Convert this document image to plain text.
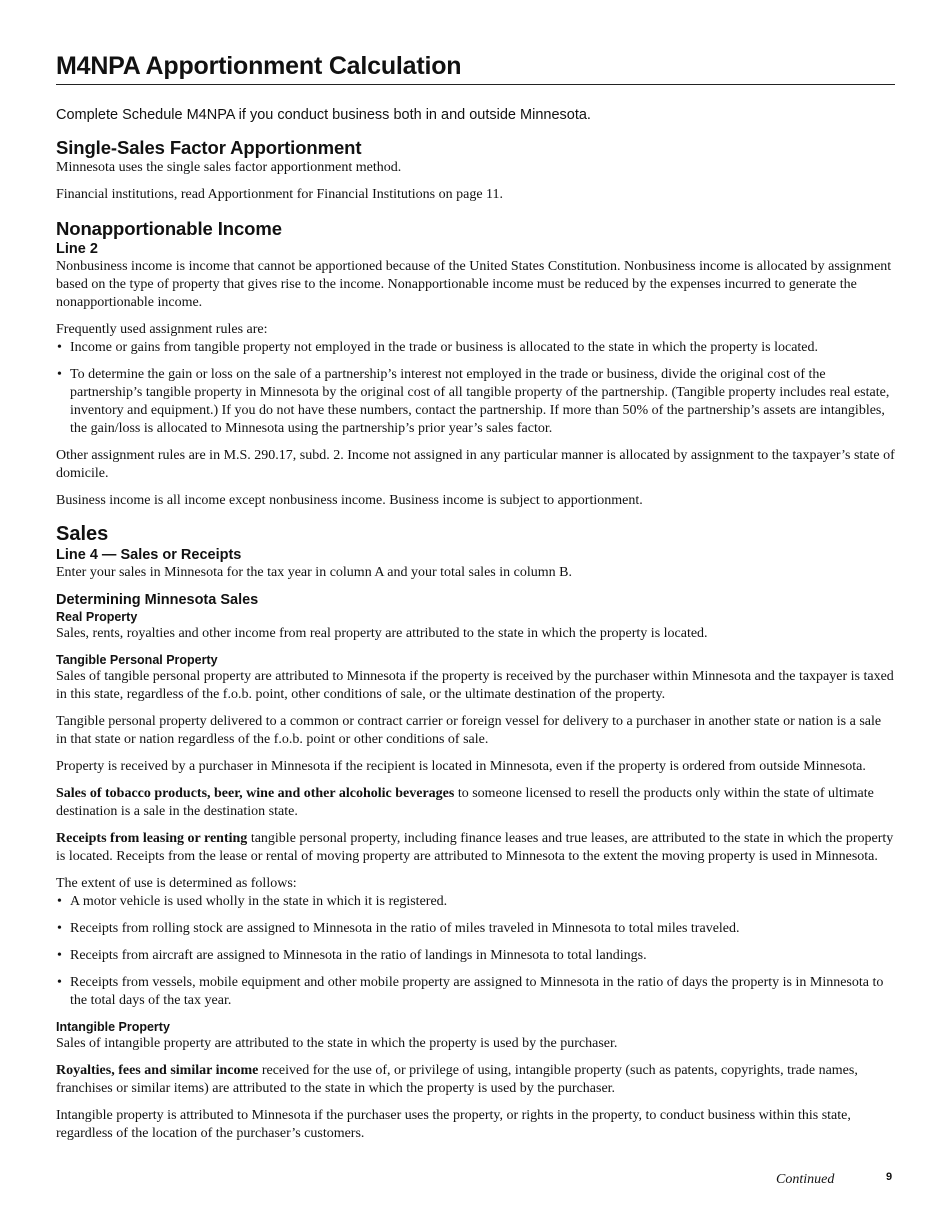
M4NPA Apportionment Calculation

Complete Schedule M4NPA if you conduct business both in and outside Minnesota.

Single-Sales Factor Apportionment

Minnesota uses the single sales factor apportionment method.

Financial institutions, read Apportionment for Financial Institutions on page 11.

Nonapportionable Income
Line 2

Nonbusiness income is income that cannot be apportioned because of the United States Constitution. Nonbusiness income is allocated by assignment based on the type of property that gives rise to the income. Nonapportionable income must be reduced by the expenses incurred to generate the nonapportionable income.

Frequently used assignment rules are:

• Income or gains from tangible property not employed in the trade or business is allocated to the state in which the property is located.
• To determine the gain or loss on the sale of a partnership’s interest not employed in the trade or business, divide the original cost of the partnership’s tangible property in Minnesota by the original cost of all tangible property of the partnership. (Tangible property includes real estate, inventory and equipment.) If you do not have these numbers, contact the partnership. If more than 50% of the partnership’s assets are intangibles, the gain/loss is allocated to Minnesota using the partnership’s prior year’s sales factor.

Other assignment rules are in M.S. 290.17, subd. 2. Income not assigned in any particular manner is allocated by assignment to the taxpayer’s state of domicile.

Business income is all income except nonbusiness income. Business income is subject to apportionment.

Sales
Line 4 — Sales or Receipts

Enter your sales in Minnesota for the tax year in column A and your total sales in column B.

Determining Minnesota Sales
Real Property

Sales, rents, royalties and other income from real property are attributed to the state in which the property is located.

Tangible Personal Property

Sales of tangible personal property are attributed to Minnesota if the property is received by the purchaser within Minnesota and the taxpayer is taxed in this state, regardless of the f.o.b. point, other conditions of sale, or the ultimate destination of the property.

Tangible personal property delivered to a common or contract carrier or foreign vessel for delivery to a purchaser in another state or nation is a sale in that state or nation regardless of the f.o.b. point or other conditions of sale.

Property is received by a purchaser in Minnesota if the recipient is located in Minnesota, even if the property is ordered from outside Minnesota.

Sales of tobacco products, beer, wine and other alcoholic beverages to someone licensed to resell the products only within the state of ultimate destination is a sale in the destination state.

Receipts from leasing or renting tangible personal property, including finance leases and true leases, are attributed to the state in which the property is located. Receipts from the lease or rental of moving property are attributed to Minnesota to the extent the moving property is used in Minnesota.

The extent of use is determined as follows:

• A motor vehicle is used wholly in the state in which it is registered.
• Receipts from rolling stock are assigned to Minnesota in the ratio of miles traveled in Minnesota to total miles traveled.
• Receipts from aircraft are assigned to Minnesota in the ratio of landings in Minnesota to total landings.
• Receipts from vessels, mobile equipment and other mobile property are assigned to Minnesota in the ratio of days the property is in Minnesota to the total days of the tax year.
Intangible Property

Sales of intangible property are attributed to the state in which the property is used by the purchaser.

Royalties, fees and similar income received for the use of, or privilege of using, intangible property (such as patents, copyrights, trade names, franchises or similar items) are attributed to the state in which the property is used by the purchaser.

Intangible property is attributed to Minnesota if the purchaser uses the property, or rights in the property, to conduct business within this state, regardless of the location of the purchaser’s customers.

Continued	9
